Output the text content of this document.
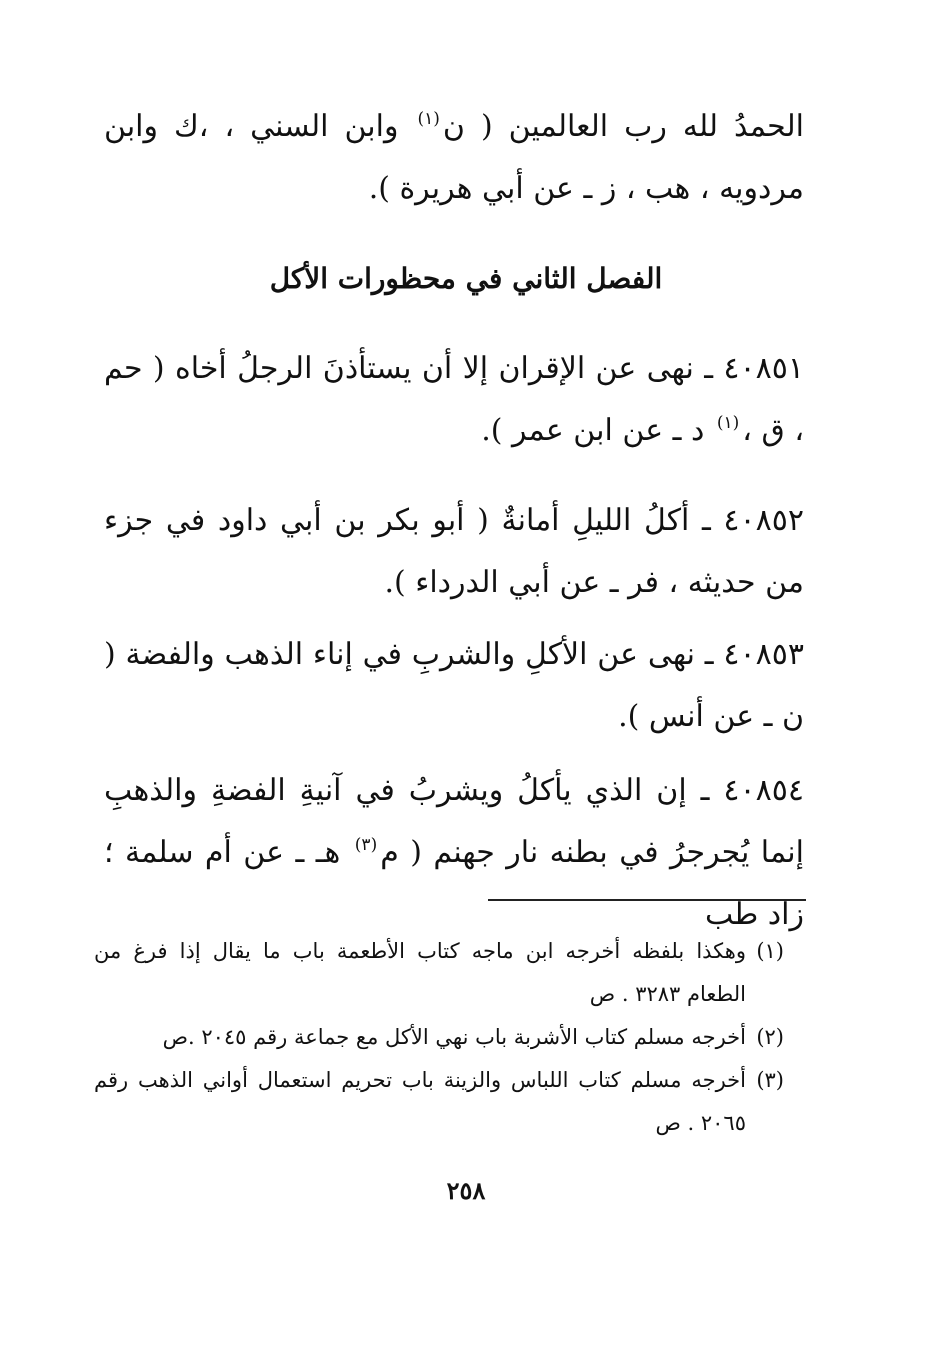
الحمدُ لله رب العالمين ( ن$^{(١)}$ وابن السني ، ،ك وابن مردويه ، هب ، ز ـ عن أبي هريرة ).

الفصل الثاني في محظورات الأكل

٤٠٨٥١ ـ نهى عن الإقران إلا أن يستأذنَ الرجلُ أخاه ( حم ، ق ،$^{(١)}$ د ـ عن ابن عمر ).

٤٠٨٥٢ ـ أكلُ الليلِ أمانةٌ ( أبو بكر بن أبي داود في جزء من حديثه ، فر ـ عن أبي الدرداء ).

٤٠٨٥٣ ـ نهى عن الأكلِ والشربِ في إناء الذهب والفضة ( ن ـ عن أنس ).

٤٠٨٥٤ ـ إن الذي يأكلُ ويشربُ في آنيةِ الفضةِ والذهبِ إنما يُجرجرُ في بطنه نار جهنم ( م$^{(٣)}$ هـ ـ عن أم سلمة ؛ زاد طب

(١)
وهكذا بلفظه أخرجه ابن ماجه كتاب الأطعمة باب ما يقال إذا فرغ من الطعام ٣٢٨٣ . ص
(٢)
أخرجه مسلم كتاب الأشربة باب نهي الأكل مع جماعة رقم ٢٠٤٥ .ص
(٣)
أخرجه مسلم كتاب اللباس والزينة باب تحريم استعمال أواني الذهب رقم ٢٠٦٥ . ص
٢٥٨
